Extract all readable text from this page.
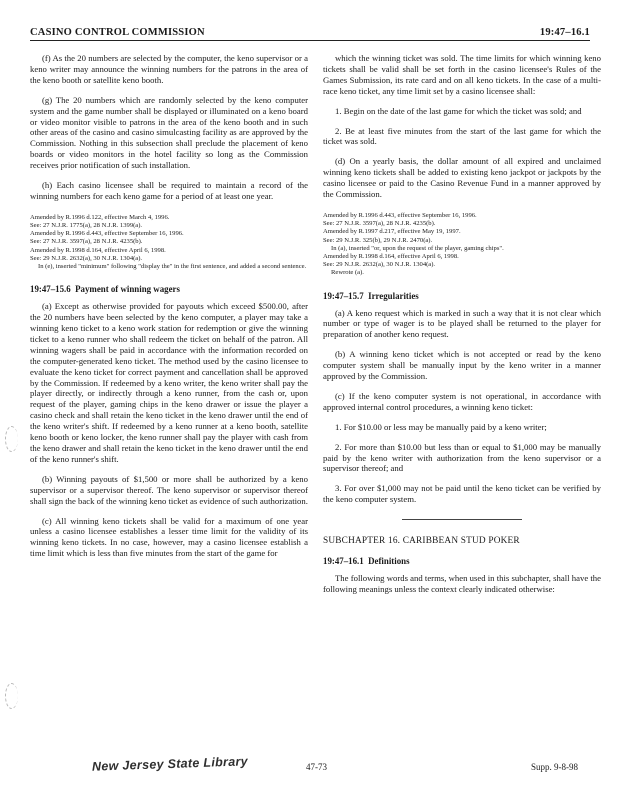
CASINO CONTROL COMMISSION	19:47–16.1

(f) As the 20 numbers are selected by the computer, the keno supervisor or a keno writer may announce the winning numbers for the patrons in the area of the keno booth or satellite keno booth.

(g) The 20 numbers which are randomly selected by the keno computer system and the game number shall be displayed or illuminated on a keno board or video monitor visible to patrons in the area of the keno booth and in such other areas of the casino and casino simulcasting facility as are approved by the Commission. Nothing in this subsection shall preclude the placement of keno boards or video monitors in the hotel facility so long as the Commission receives prior notification of such installation.

(h) Each casino licensee shall be required to maintain a record of the winning numbers for each keno game for a period of at least one year.

Amended by R.1996 d.122, effective March 4, 1996.

See: 27 N.J.R. 1775(a), 28 N.J.R. 1399(a).

Amended by R.1996 d.443, effective September 16, 1996.

See: 27 N.J.R. 3597(a), 28 N.J.R. 4235(b).

Amended by R.1998 d.164, effective April 6, 1998.

See: 29 N.J.R. 2632(a), 30 N.J.R. 1304(a).

In (e), inserted "minimum" following "display the" in the first sentence, and added a second sentence.

19:47–15.6 Payment of winning wagers

(a) Except as otherwise provided for payouts which exceed $500.00, after the 20 numbers have been selected by the keno computer, a player may take a winning keno ticket to a keno work station for redemption or give the winning ticket to a keno runner who shall redeem the ticket on behalf of the patron. All winning wagers shall be paid in accordance with the information recorded on the computer-generated keno ticket. The method used by the casino licensee to evaluate the keno ticket for correct payment and cancellation shall be approved by the Commission. If redeemed by a keno writer, the keno writer shall pay the player directly, or indirectly through a keno runner, from the cash or, upon request of the player, gaming chips in the keno drawer or issue the player a casino check and shall retain the keno ticket in the keno drawer until the end of the keno writer's shift. If redeemed by a keno runner at a keno booth, satellite keno booth or keno locker, the keno runner shall pay the player with cash from the keno drawer and shall retain the keno ticket in the keno drawer until the end of the keno runner's shift.

(b) Winning payouts of $1,500 or more shall be authorized by a keno supervisor or a supervisor thereof. The keno supervisor or supervisor thereof shall sign the back of the winning keno ticket as evidence of such authorization.

(c) All winning keno tickets shall be valid for a maximum of one year unless a casino licensee establishes a lesser time limit for the validity of its winning keno tickets. In no case, however, may a casino licensee establish a time limit which is less than five minutes from the start of the game for

which the winning ticket was sold. The time limits for which winning keno tickets shall be valid shall be set forth in the casino licensee's Rules of the Games Submission, its rate card and on all keno tickets. In the case of a multi-race keno ticket, any time limit set by a casino licensee shall:

1. Begin on the date of the last game for which the ticket was sold; and

2. Be at least five minutes from the start of the last game for which the ticket was sold.

(d) On a yearly basis, the dollar amount of all expired and unclaimed winning keno tickets shall be added to existing keno jackpot or jackpots by the casino licensee or paid to the Casino Revenue Fund in a manner approved by the Commission.

Amended by R.1996 d.443, effective September 16, 1996.

See: 27 N.J.R. 3597(a), 28 N.J.R. 4235(b).

Amended by R.1997 d.217, effective May 19, 1997.

See: 29 N.J.R. 325(b), 29 N.J.R. 2470(a).

In (a), inserted "or, upon the request of the player, gaming chips".

Amended by R.1998 d.164, effective April 6, 1998.

See: 29 N.J.R. 2632(a), 30 N.J.R. 1304(a).

Rewrote (a).

19:47–15.7 Irregularities

(a) A keno request which is marked in such a way that it is not clear which number or type of wager is to be played shall be returned to the player for preparation of another keno request.

(b) A winning keno ticket which is not accepted or read by the keno computer system shall be manually input by the keno writer in a manner approved by the Commission.

(c) If the keno computer system is not operational, in accordance with approved internal control procedures, a winning keno ticket:

1. For $10.00 or less may be manually paid by a keno writer;

2. For more than $10.00 but less than or equal to $1,000 may be manually paid by the keno writer with authorization from the keno supervisor or a supervisor thereof; and

3. For over $1,000 may not be paid until the keno ticket can be verified by the keno computer system.

SUBCHAPTER 16. CARIBBEAN STUD POKER

19:47–16.1 Definitions

The following words and terms, when used in this subchapter, shall have the following meanings unless the context clearly indicated otherwise:

New Jersey State Library	47-73	Supp. 9-8-98
